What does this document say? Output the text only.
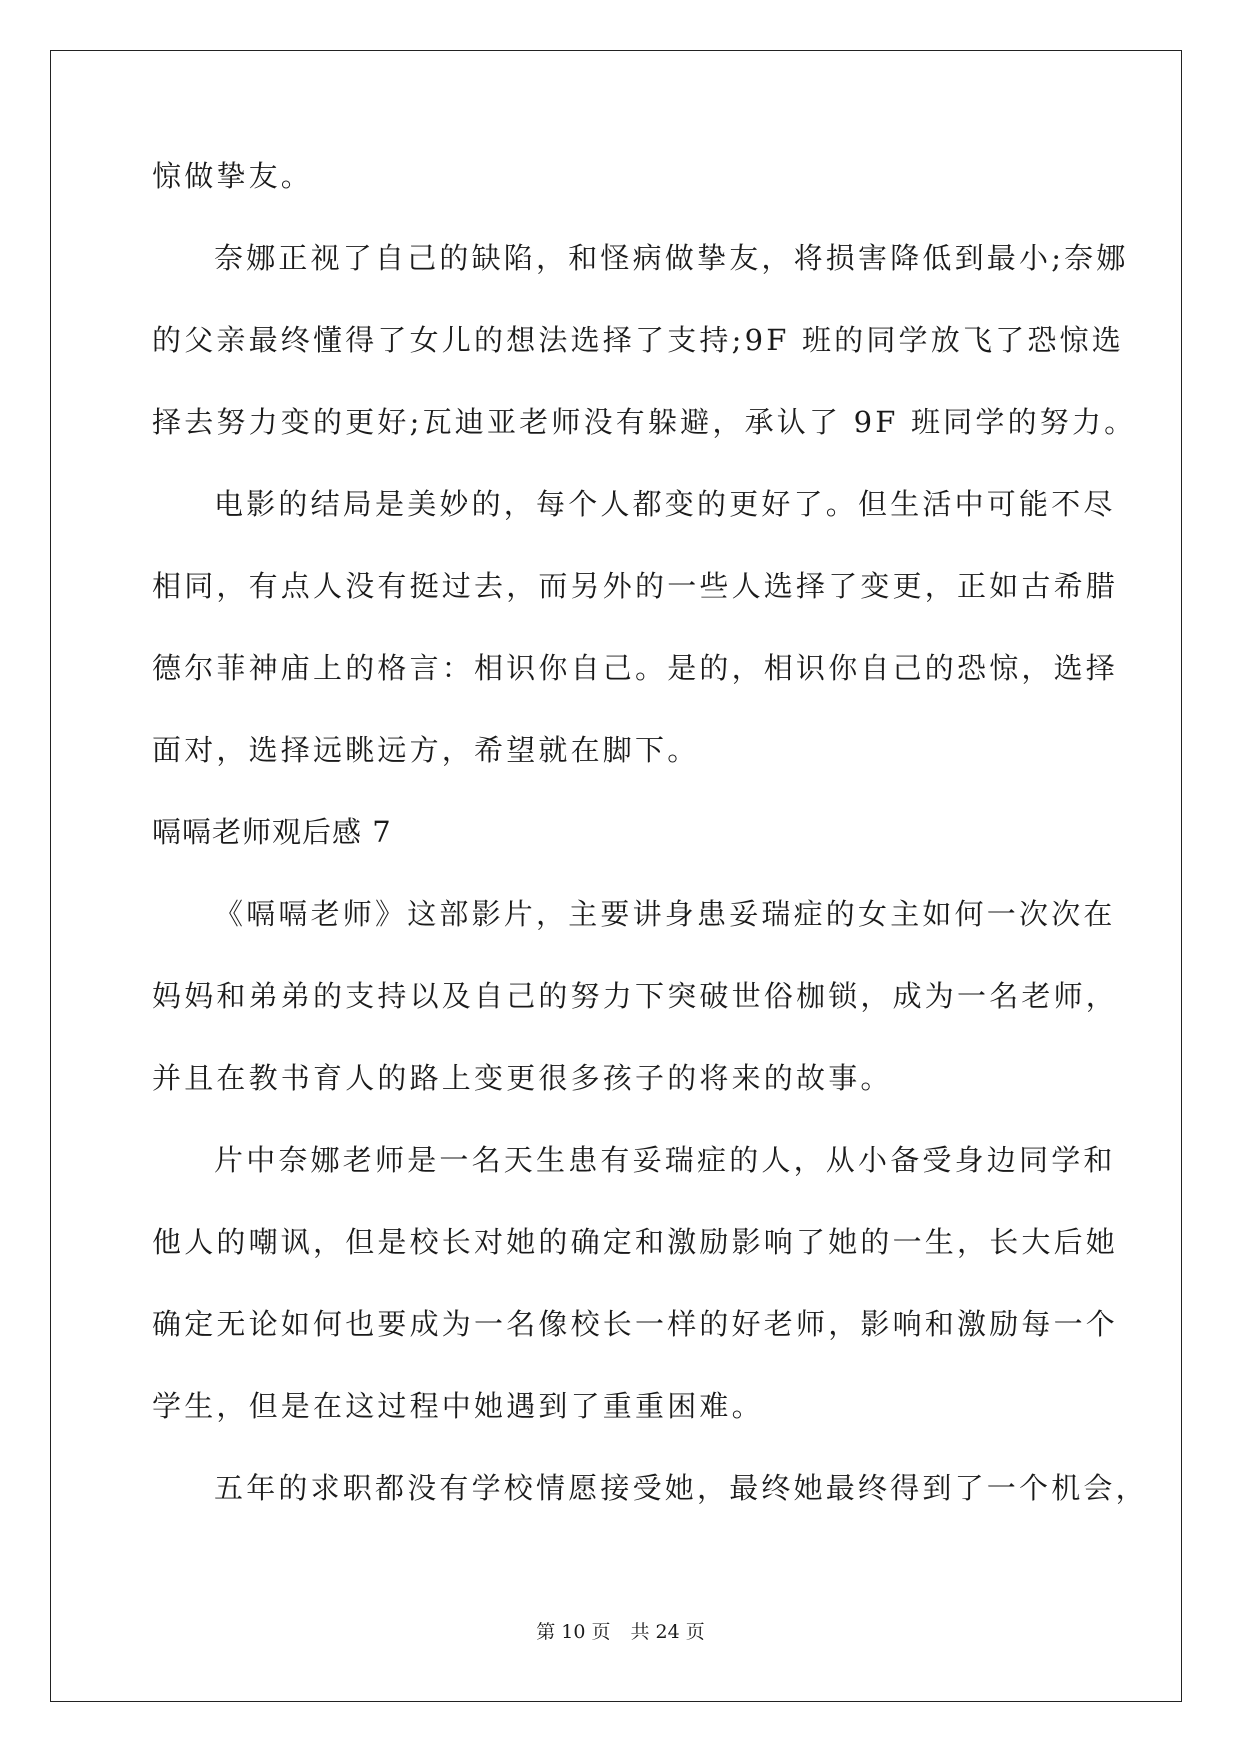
惊做挚友。
奈娜正视了自己的缺陷，和怪病做挚友，将损害降低到最小;奈娜
的父亲最终懂得了女儿的想法选择了支持;9F 班的同学放飞了恐惊选
择去努力变的更好;瓦迪亚老师没有躲避，承认了 9F 班同学的努力。
电影的结局是美妙的，每个人都变的更好了。但生活中可能不尽
相同，有点人没有挺过去，而另外的一些人选择了变更，正如古希腊
德尔菲神庙上的格言：相识你自己。是的，相识你自己的恐惊，选择
面对，选择远眺远方，希望就在脚下。
嗝嗝老师观后感 7
《嗝嗝老师》这部影片，主要讲身患妥瑞症的女主如何一次次在
妈妈和弟弟的支持以及自己的努力下突破世俗枷锁，成为一名老师，
并且在教书育人的路上变更很多孩子的将来的故事。
片中奈娜老师是一名天生患有妥瑞症的人，从小备受身边同学和
他人的嘲讽，但是校长对她的确定和激励影响了她的一生，长大后她
确定无论如何也要成为一名像校长一样的好老师，影响和激励每一个
学生，但是在这过程中她遇到了重重困难。
五年的求职都没有学校情愿接受她，最终她最终得到了一个机会，
第 10 页 共 24 页
